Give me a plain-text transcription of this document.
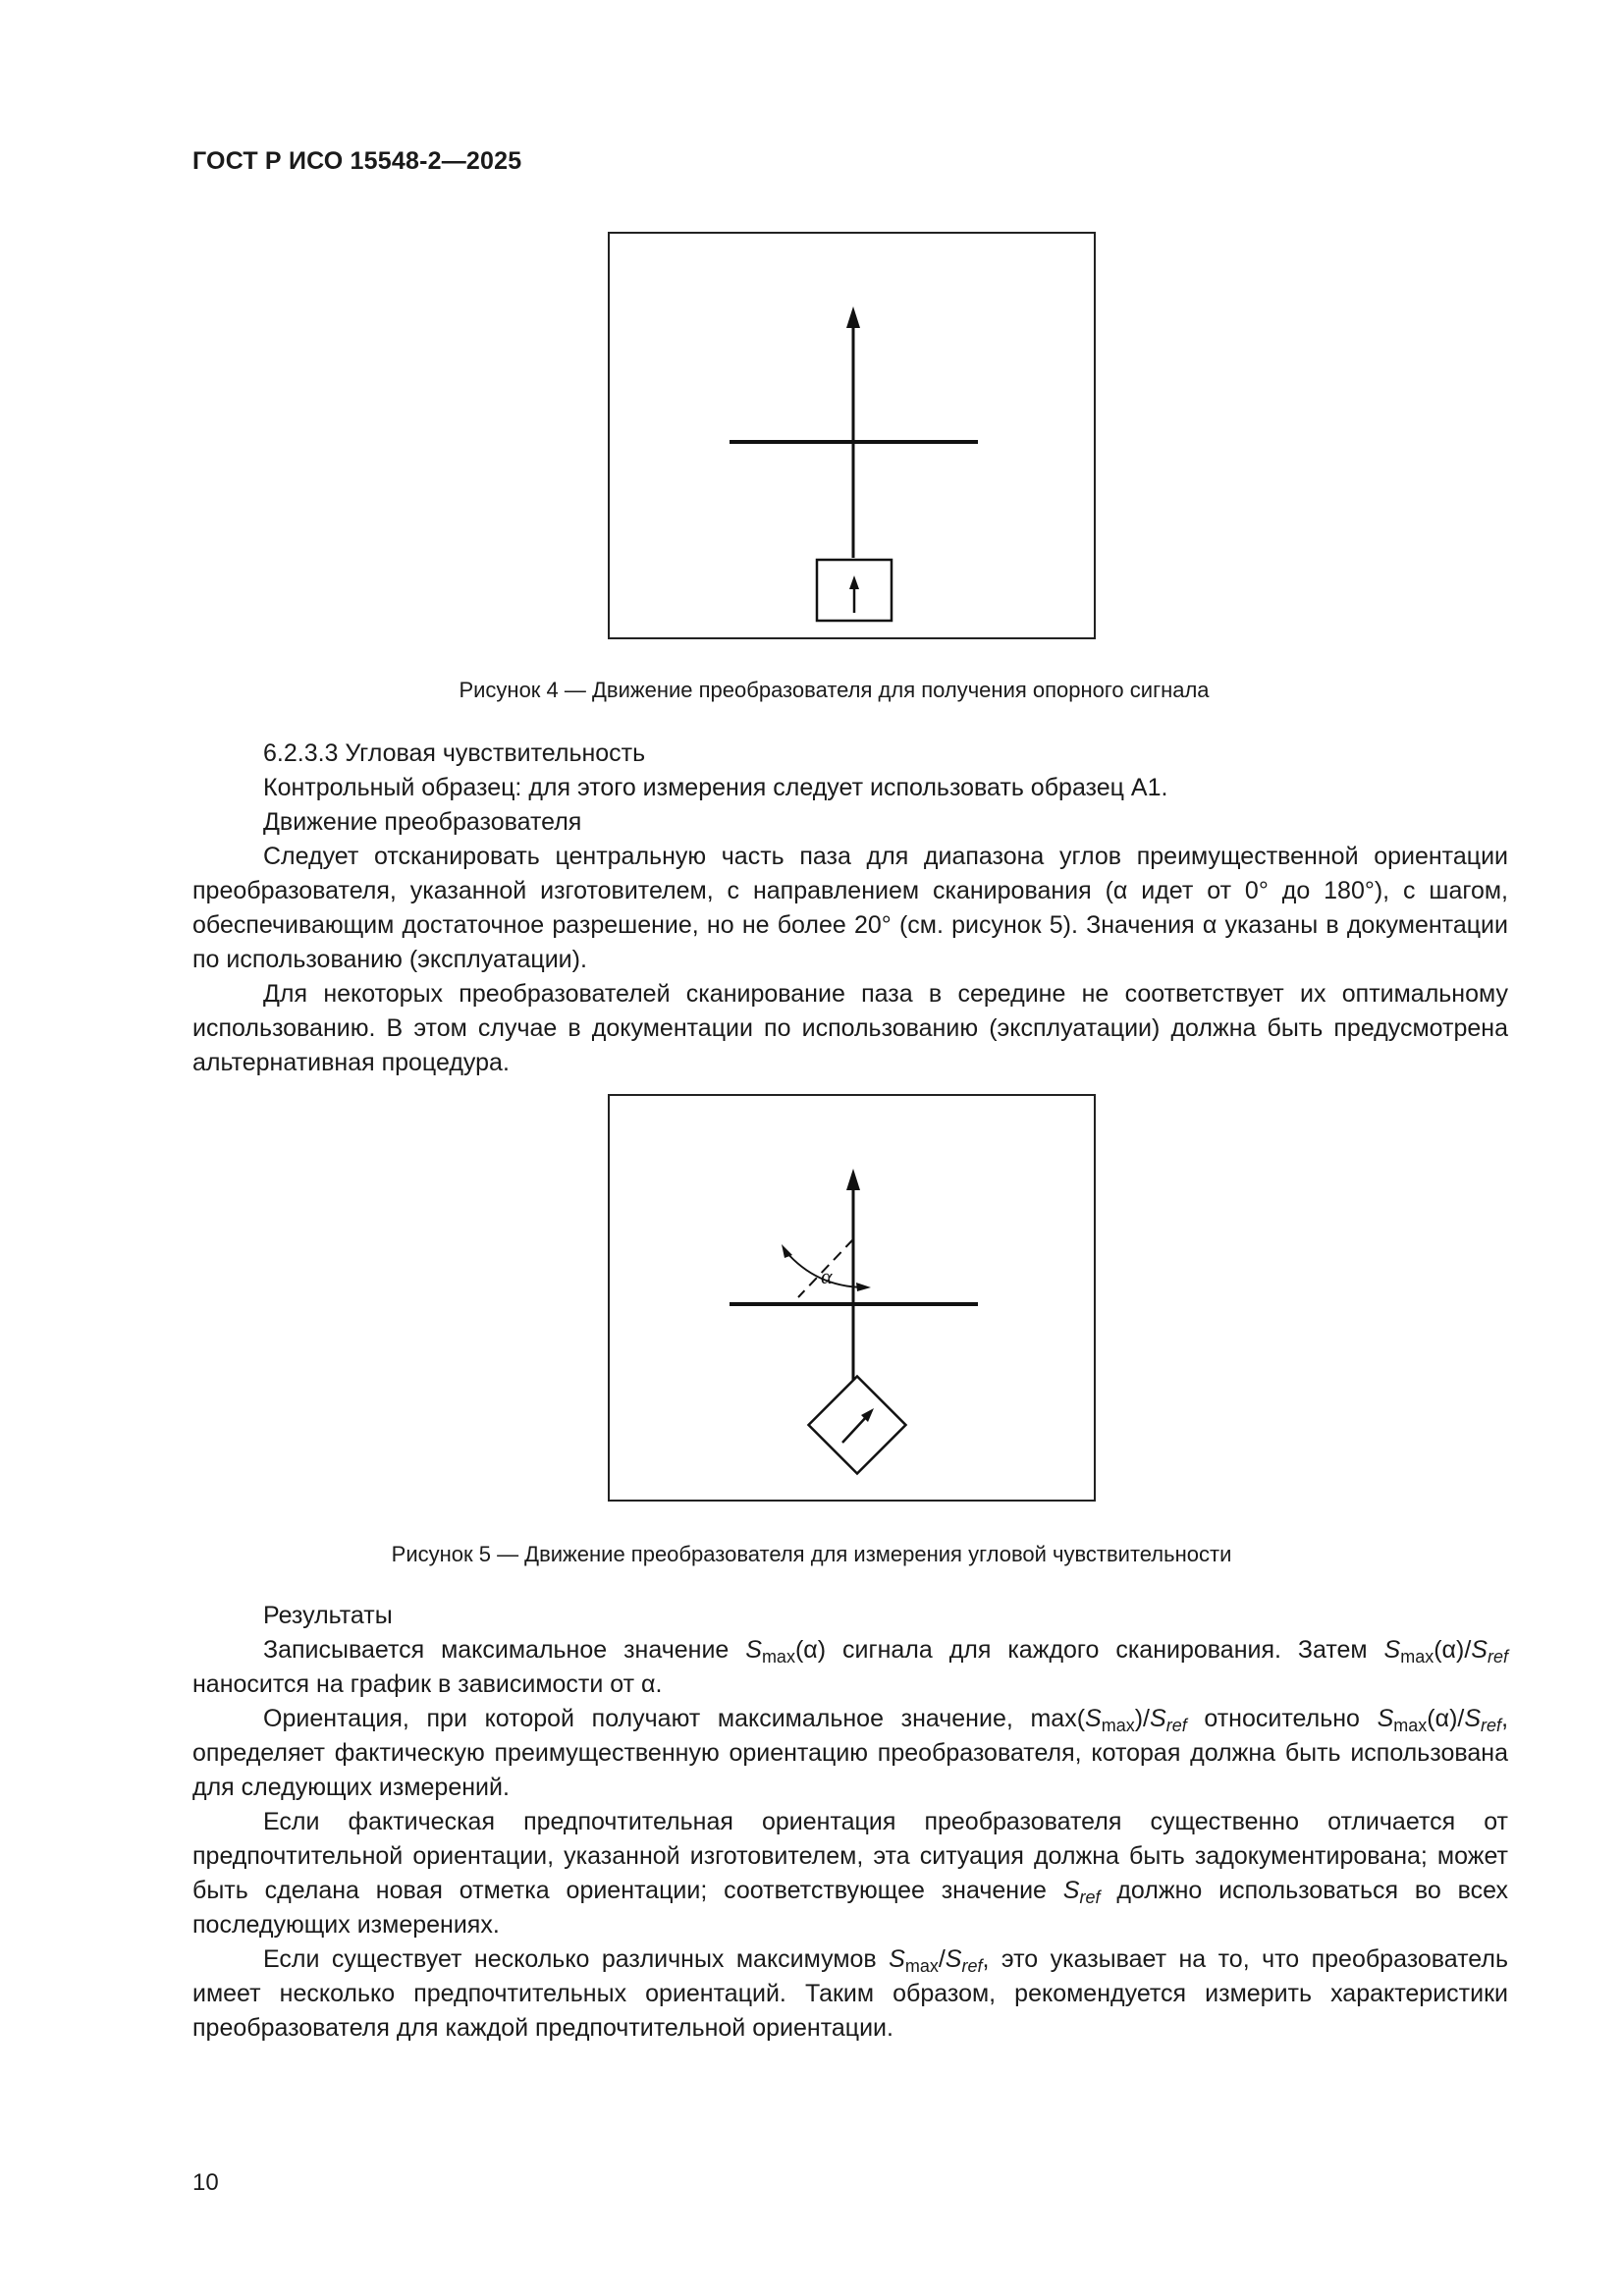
ГОСТ Р ИСО 15548-2—2025
Рисунок 4 — Движение преобразователя для получения опорного сигнала

6.2.3.3 Угловая чувствительность

Контрольный образец: для этого измерения следует использовать образец А1.

Движение преобразователя

Следует отсканировать центральную часть паза для диапазона углов преимущественной ориентации преобразователя, указанной изготовителем, с направлением сканирования (α идет от 0° до 180°), с шагом, обеспечивающим достаточное разрешение, но не более 20° (см. рисунок 5). Значения α указаны в документации по использованию (эксплуатации).

Для некоторых преобразователей сканирование паза в середине не соответствует их оптимальному использованию. В этом случае в документации по использованию (эксплуатации) должна быть предусмотрена альтернативная процедура.

α
Рисунок 5 — Движение преобразователя для измерения угловой чувствительности

Результаты

Записывается максимальное значение $S_{max}(\alpha)$ сигнала для каждого сканирования. Затем $S_{max}(\alpha)/S_{ref}$ наносится на график в зависимости от α.

Ориентация, при которой получают максимальное значение, $\max(S_{max})/S_{ref}$ относительно $S_{max}(\alpha)/S_{ref}$, определяет фактическую преимущественную ориентацию преобразователя, которая должна быть использована для следующих измерений.

Если фактическая предпочтительная ориентация преобразователя существенно отличается от предпочтительной ориентации, указанной изготовителем, эта ситуация должна быть задокументирована; может быть сделана новая отметка ориентации; соответствующее значение $S_{ref}$ должно использоваться во всех последующих измерениях.

Если существует несколько различных максимумов $S_{max}/S_{ref}$, это указывает на то, что преобразователь имеет несколько предпочтительных ориентаций. Таким образом, рекомендуется измерить характеристики преобразователя для каждой предпочтительной ориентации.

10
